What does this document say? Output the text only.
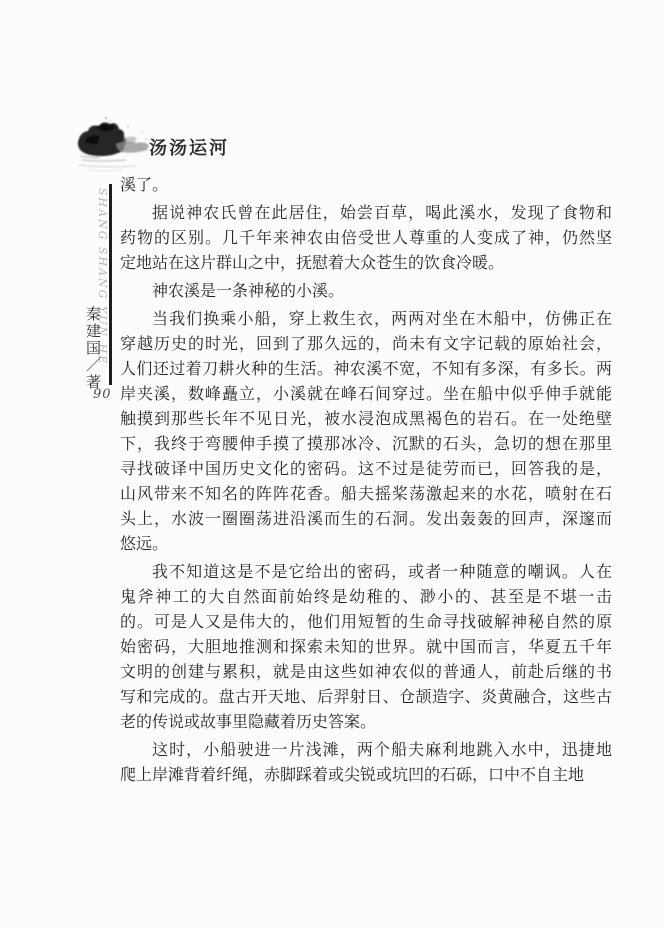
汤汤运河
SHANG SHANG YUN HE
秦建国／著
90
溪了。
据说神农氏曾在此居住，始尝百草，喝此溪水，发现了食物和
药物的区别。几千年来神农由倍受世人尊重的人变成了神，仍然坚
定地站在这片群山之中，抚慰着大众苍生的饮食冷暖。
神农溪是一条神秘的小溪。
当我们换乘小船，穿上救生衣，两两对坐在木船中，仿佛正在
穿越历史的时光，回到了那久远的，尚未有文字记载的原始社会，
人们还过着刀耕火种的生活。神农溪不宽，不知有多深，有多长。两
岸夹溪，数峰矗立，小溪就在峰石间穿过。坐在船中似乎伸手就能
触摸到那些长年不见日光，被水浸泡成黑褐色的岩石。在一处绝壁
下，我终于弯腰伸手摸了摸那冰冷、沉默的石头，急切的想在那里
寻找破译中国历史文化的密码。这不过是徒劳而已，回答我的是，
山风带来不知名的阵阵花香。船夫摇桨荡激起来的水花，喷射在石
头上，水波一圈圈荡进沿溪而生的石洞。发出轰轰的回声，深邃而
悠远。
我不知道这是不是它给出的密码，或者一种随意的嘲讽。人在
鬼斧神工的大自然面前始终是幼稚的、渺小的、甚至是不堪一击
的。可是人又是伟大的，他们用短暂的生命寻找破解神秘自然的原
始密码，大胆地推测和探索未知的世界。就中国而言，华夏五千年
文明的创建与累积，就是由这些如神农似的普通人，前赴后继的书
写和完成的。盘古开天地、后羿射日、仓颉造字、炎黄融合，这些古
老的传说或故事里隐藏着历史答案。
这时，小船驶进一片浅滩，两个船夫麻利地跳入水中，迅捷地
爬上岸滩背着纤绳，赤脚踩着或尖锐或坑凹的石砾，口中不自主地
